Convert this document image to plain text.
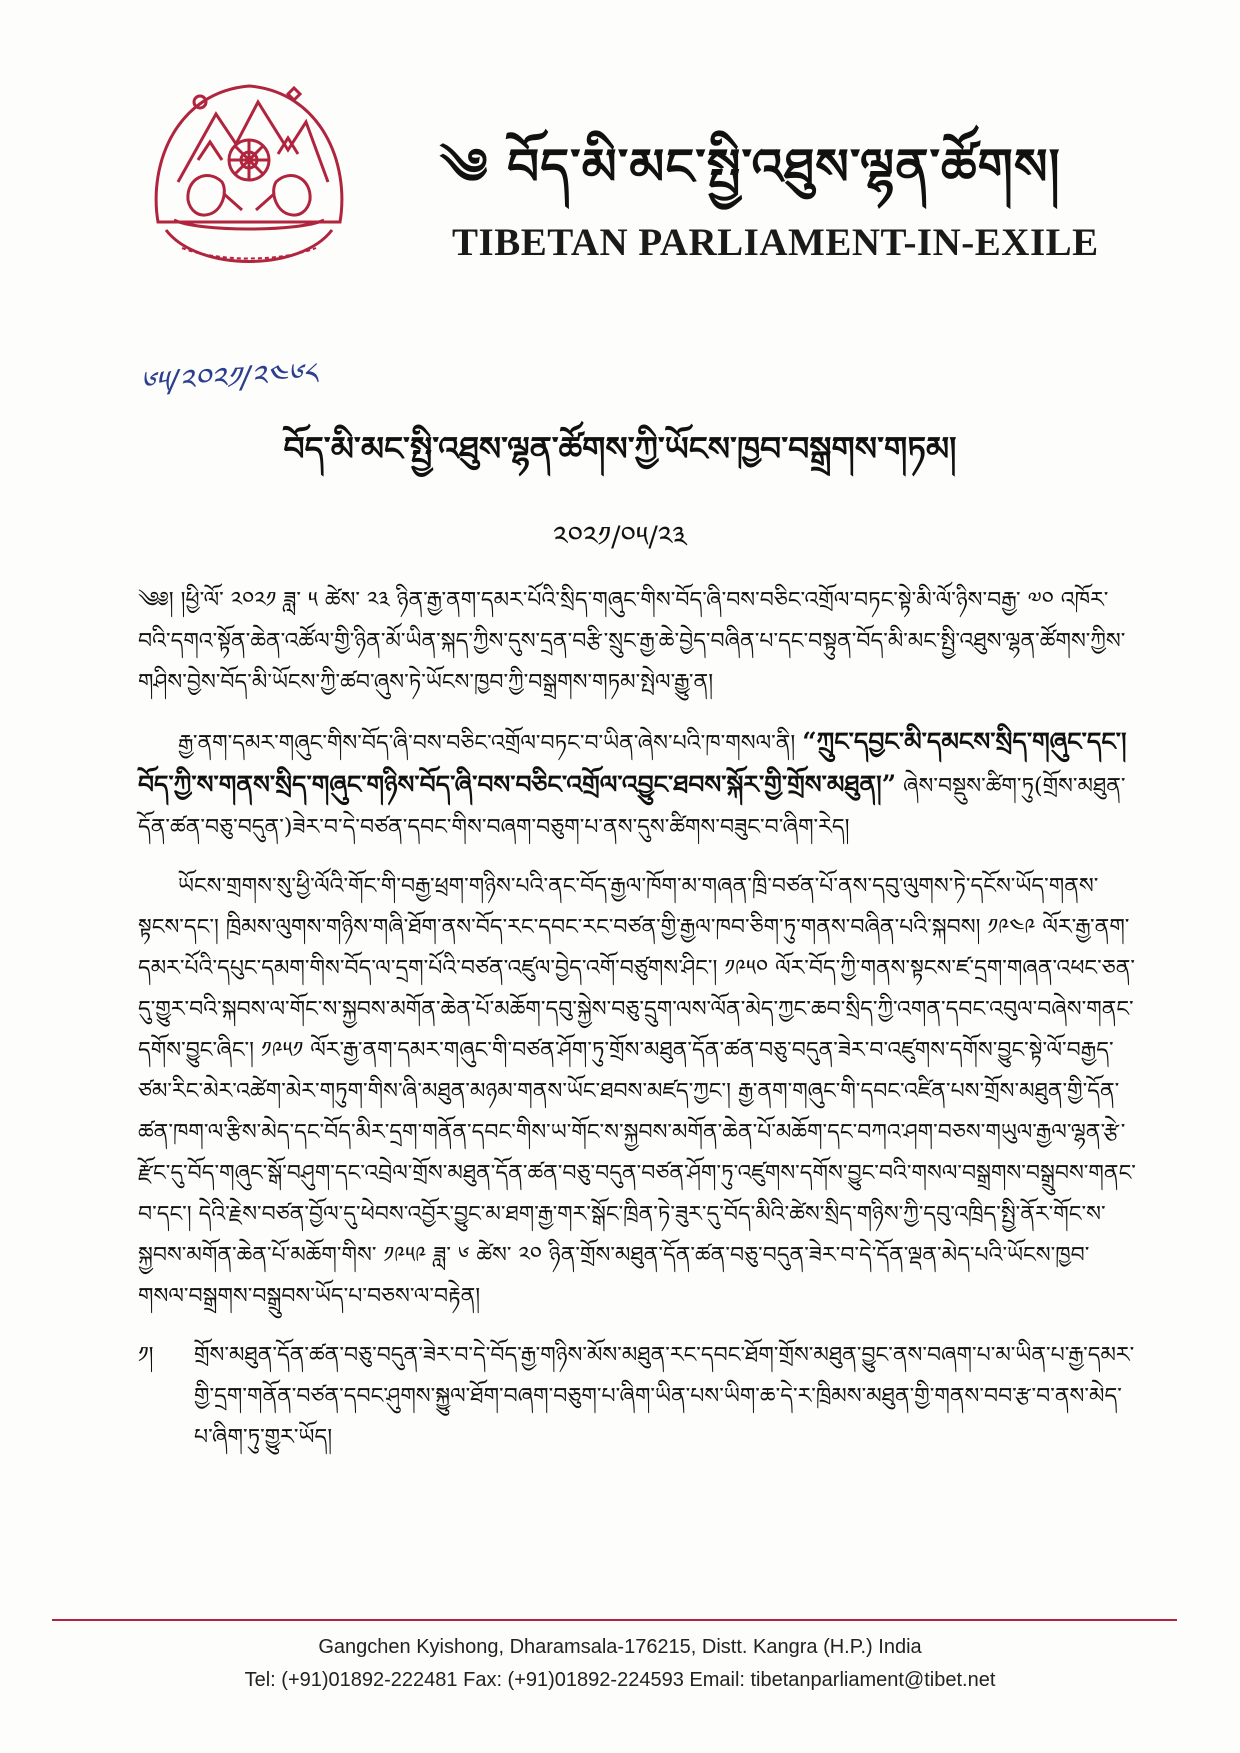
༄ བོད་མི་མང་སྤྱི་འཐུས་ལྷན་ཚོགས།
TIBETAN PARLIAMENT-IN-EXILE
༦༥/༢༠༢༡/༢༤༦༨
བོད་མི་མང་སྤྱི་འཐུས་ལྷན་ཚོགས་ཀྱི་ཡོངས་ཁྱབ་བསྒྲགས་གཏམ།
༢༠༢༡/༠༥/༢༣

༄༅། །ཕྱི་ལོ་ ༢༠༢༡ ཟླ་ ༥ ཚེས་ ༢༣ ཉིན་རྒྱ་ནག་དམར་པོའི་སྲིད་གཞུང་གིས་བོད་ཞི་བས་བཅིང་འགྲོལ་བཏང་སྟེ་མི་ལོ་ཉིས་བརྒྱ་ ༧༠ འཁོར་བའི་དགའ་སྟོན་ཆེན་འཚོལ་གྱི་ཉིན་མོ་ཡིན་སྐད་ཀྱིས་དུས་དྲན་བརྩི་སྲུང་རྒྱ་ཆེ་བྱེད་བཞིན་པ་དང་བསྟུན་བོད་མི་མང་སྤྱི་འཐུས་ལྷན་ཚོགས་ཀྱིས་གཤིས་བྱེས་བོད་མི་ཡོངས་ཀྱི་ཚབ་ཞུས་ཏེ་ཡོངས་ཁྱབ་ཀྱི་བསྒྲགས་གཏམ་སྤེལ་རྒྱུ་ན།

རྒྱ་ནག་དམར་གཞུང་གིས་བོད་ཞི་བས་བཅིང་འགྲོལ་བཏང་བ་ཡིན་ཞེས་པའི་ཁ་གསལ་ནི། “ཀྲུང་དབྱང་མི་དམངས་སྲིད་གཞུང་དང་། བོད་ཀྱི་ས་གནས་སྲིད་གཞུང་གཉིས་བོད་ཞི་བས་བཅིང་འགྲོལ་འབྱུང་ཐབས་སྐོར་གྱི་གྲོས་མཐུན།” ཞེས་བསྡུས་ཚིག་ཏུ(གྲོས་མཐུན་དོན་ཚན་བཅུ་བདུན་)ཟེར་བ་དེ་བཙན་དབང་གིས་བཞག་བཅུག་པ་ནས་དུས་ཚིགས་བཟུང་བ་ཞིག་རེད།

ཡོངས་གྲགས་སུ་ཕྱི་ལོའི་གོང་གི་བརྒྱ་ཕྲག་གཉིས་པའི་ནང་བོད་རྒྱལ་ཁོག་མ་གཞན་ཁྲི་བཙན་པོ་ནས་དབུ་ལུགས་ཏེ་དངོས་ཡོད་གནས་སྟངས་དང་། ཁྲིམས་ལུགས་གཉིས་གཞི་ཐོག་ནས་བོད་རང་དབང་རང་བཙན་གྱི་རྒྱལ་ཁབ་ཅིག་ཏུ་གནས་བཞིན་པའི་སྐབས། ༡༩༤༩ ལོར་རྒྱ་ནག་དམར་པོའི་དཔུང་དམག་གིས་བོད་ལ་དྲག་པོའི་བཙན་འཛུལ་བྱེད་འགོ་བཙུགས་ཤིང་། ༡༩༥༠ ལོར་བོད་ཀྱི་གནས་སྟངས་ཛ་དྲག་གཞན་འཕང་ཅན་དུ་གྱུར་བའི་སྐབས་ལ་གོང་ས་སྐྱབས་མགོན་ཆེན་པོ་མཆོག་དབུ་སྐྱེས་བཅུ་དྲུག་ལས་ལོན་མེད་ཀྱང་ཆབ་སྲིད་ཀྱི་འགན་དབང་འབུལ་བཞེས་གནང་དགོས་བྱུང་ཞིང་། ༡༩༥༡ ལོར་རྒྱ་ནག་དམར་གཞུང་གི་བཙན་ཤོག་ཏུ་གྲོས་མཐུན་དོན་ཚན་བཅུ་བདུན་ཟེར་བ་འཛུགས་དགོས་བྱུང་སྟེ་ལོ་བརྒྱད་ཙམ་རིང་མེར་འཚེག་མེར་གཏུག་གིས་ཞི་མཐུན་མཉམ་གནས་ཡོང་ཐབས་མཛད་ཀྱང་། རྒྱ་ནག་གཞུང་གི་དབང་འཛིན་པས་གྲོས་མཐུན་གྱི་དོན་ཚན་ཁག་ལ་རྩིས་མེད་དང་བོད་མིར་དྲག་གནོན་དབང་གིས་ཡ་གོང་ས་སྐྱབས་མགོན་ཆེན་པོ་མཆོག་དང་བཀའ་ཤག་བཅས་གཡུལ་རྒྱལ་ལྷན་རྩེ་རྫོང་དུ་བོད་གཞུང་སྒོ་བཤུག་དང་འབྲེལ་གྲོས་མཐུན་དོན་ཚན་བཅུ་བདུན་བཙན་ཤོག་ཏུ་འཛུགས་དགོས་བྱུང་བའི་གསལ་བསྒྲགས་བསྒྲུབས་གནང་བ་དང་། དེའི་རྗེས་བཙན་བྱོལ་དུ་ཕེབས་འབྱོར་བྱུང་མ་ཐག་རྒྱ་གར་སྒོང་ཁྲིན་ཏེ་ཟུར་དུ་བོད་མིའི་ཚེས་སྲིད་གཉིས་ཀྱི་དབུ་འཁྲིད་སྤྱི་ནོར་གོང་ས་སྐྱབས་མགོན་ཆེན་པོ་མཆོག་གིས་ ༡༩༥༩ ཟླ་ ༦ ཚེས་ ༢༠ ཉིན་གྲོས་མཐུན་དོན་ཚན་བཅུ་བདུན་ཟེར་བ་དེ་དོན་ལྡན་མེད་པའི་ཡོངས་ཁྱབ་གསལ་བསྒྲགས་བསྒྲུབས་ཡོད་པ་བཅས་ལ་བརྟེན།

༡།	གྲོས་མཐུན་དོན་ཚན་བཅུ་བདུན་ཟེར་བ་དེ་བོད་རྒྱ་གཉིས་མོས་མཐུན་རང་དབང་ཐོག་གྲོས་མཐུན་བྱུང་ནས་བཞག་པ་མ་ཡིན་པ་རྒྱ་དམར་གྱི་དྲག་གནོན་བཙན་དབང་ཤུགས་སྐྱུལ་ཐོག་བཞག་བཅུག་པ་ཞིག་ཡིན་པས་ཡིག་ཆ་དེ་ར་ཁྲིམས་མཐུན་གྱི་གནས་བབ་རྩ་བ་ནས་མེད་པ་ཞིག་ཏུ་གྱུར་ཡོད།
Gangchen Kyishong, Dharamsala-176215, Distt. Kangra (H.P.) India
Tel: (+91)01892-222481 Fax: (+91)01892-224593 Email: tibetanparliament@tibet.net
